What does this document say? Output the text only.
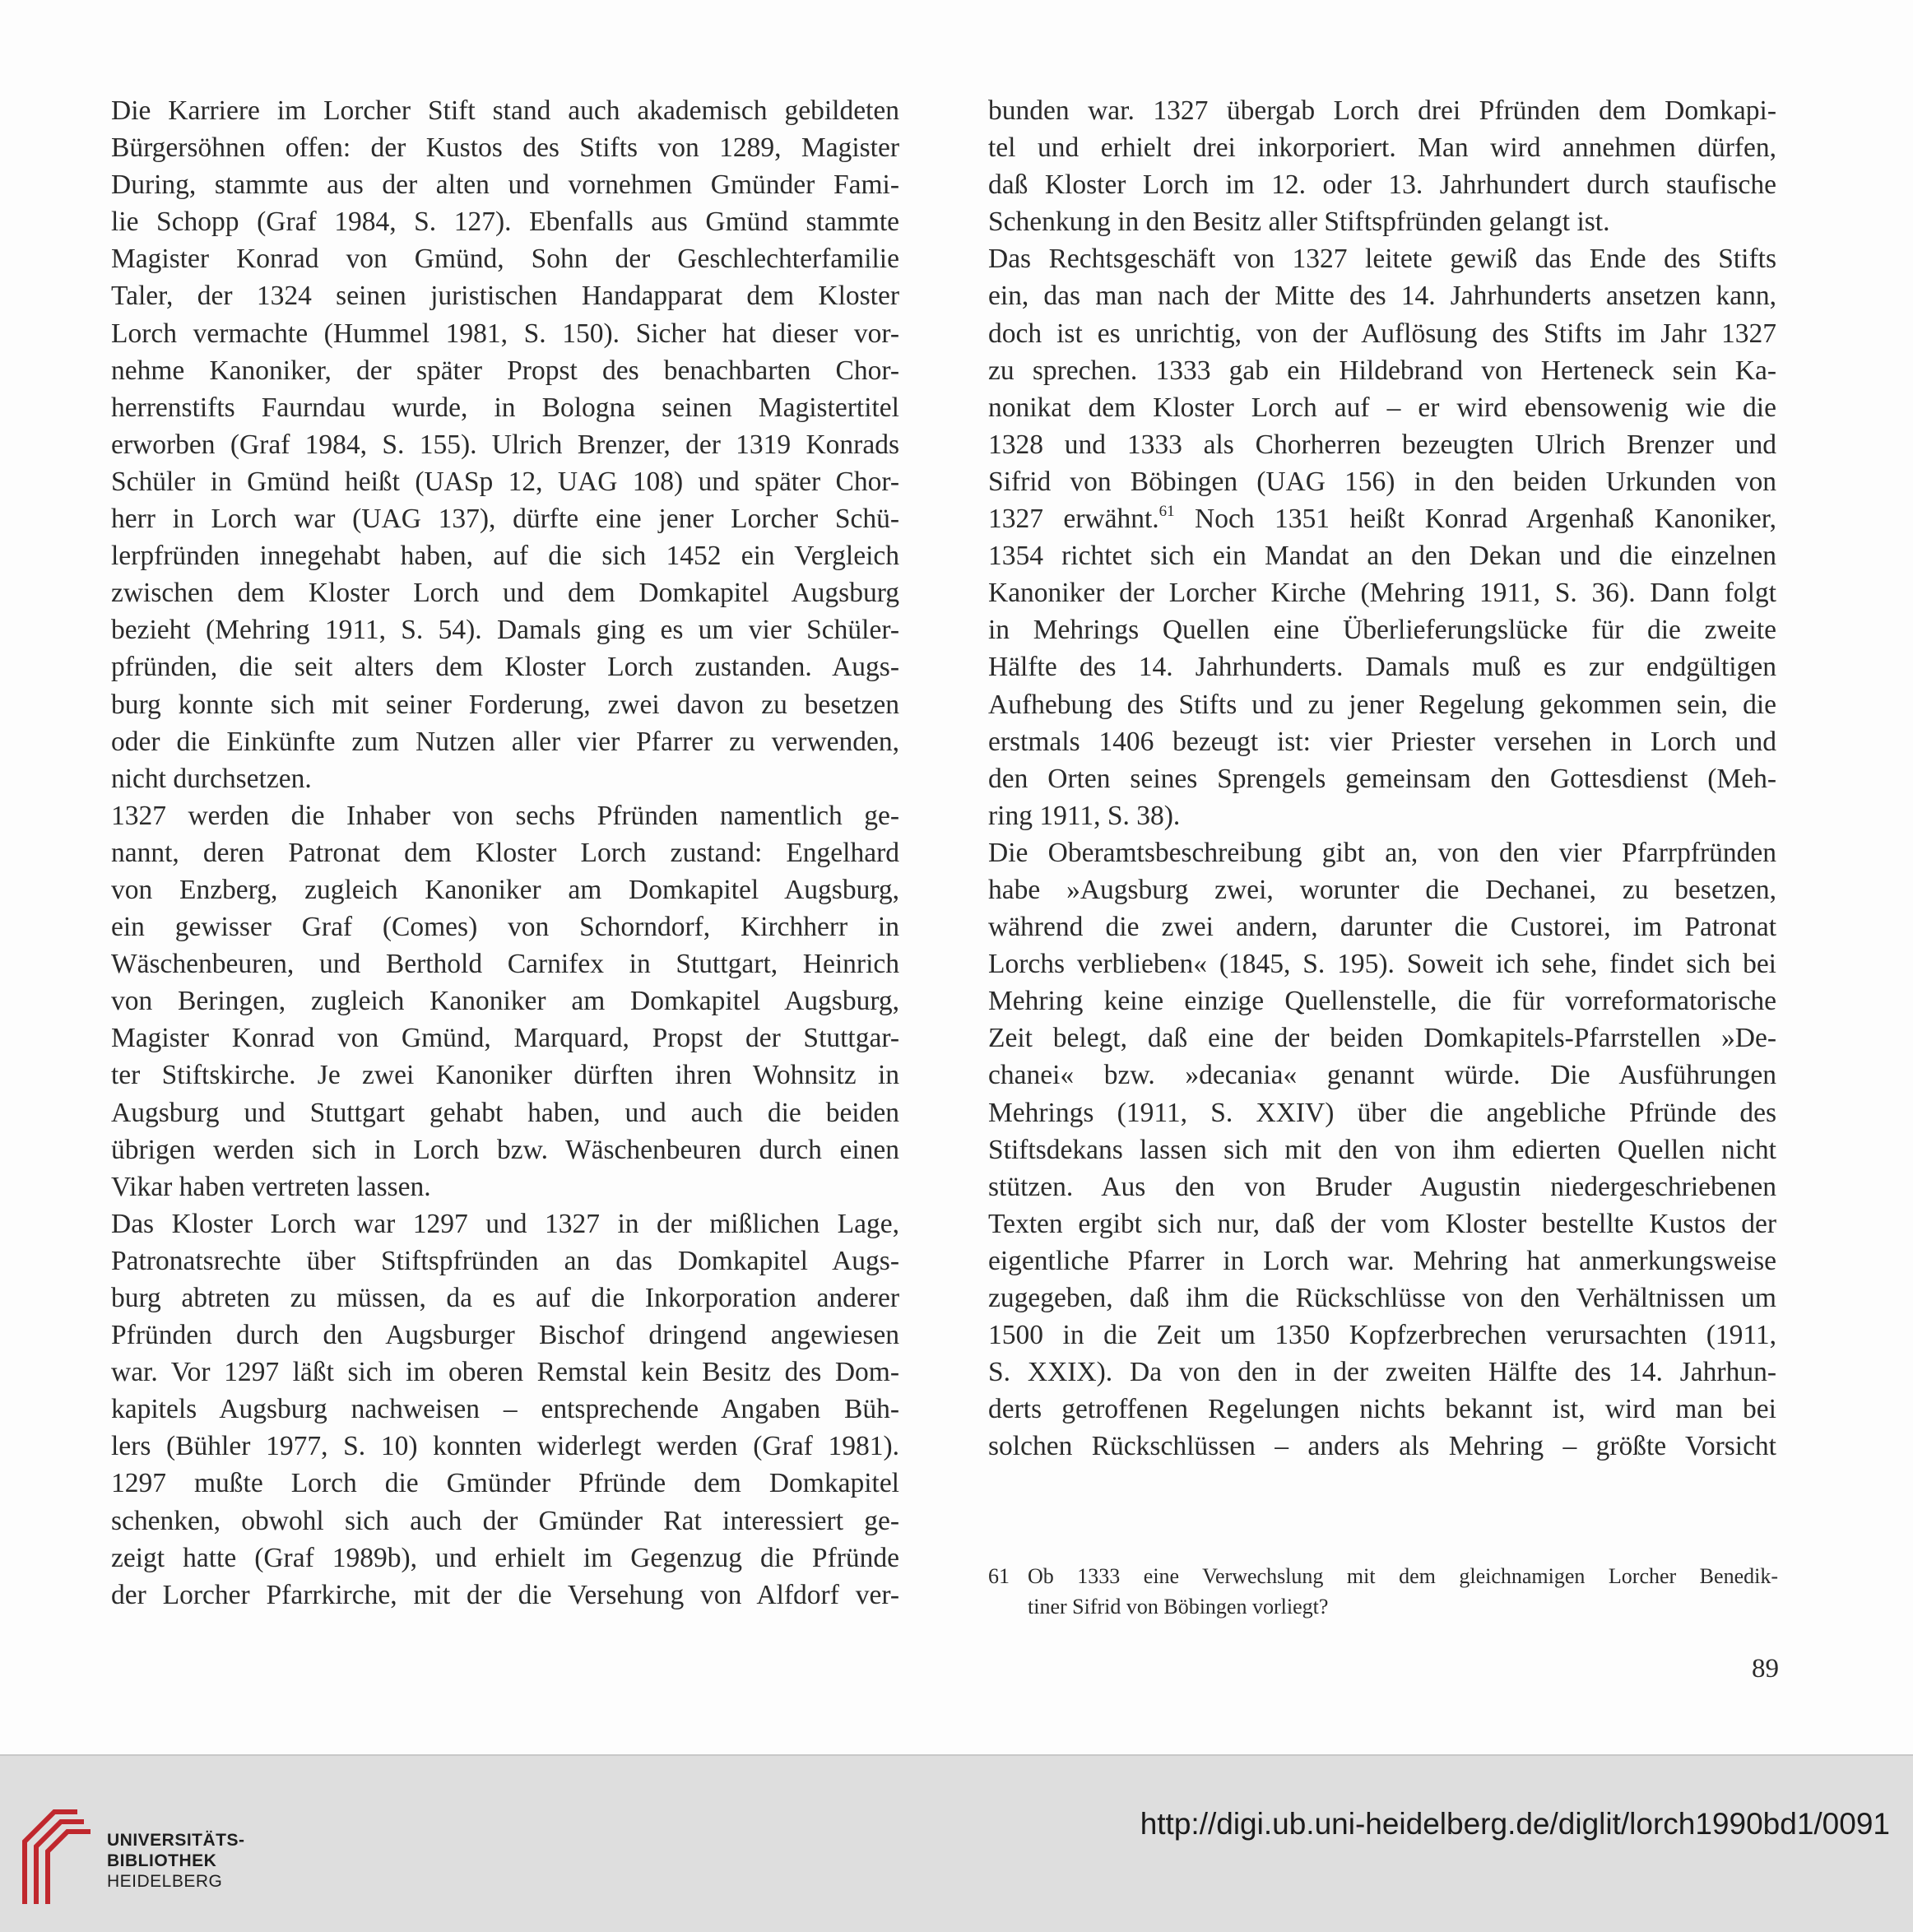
Die Karriere im Lorcher Stift stand auch akademisch gebildeten
Bürgersöhnen offen: der Kustos des Stifts von 1289, Magister
During, stammte aus der alten und vornehmen Gmünder Fami-
lie Schopp (Graf 1984, S. 127). Ebenfalls aus Gmünd stammte
Magister Konrad von Gmünd, Sohn der Geschlechterfamilie
Taler, der 1324 seinen juristischen Handapparat dem Kloster
Lorch vermachte (Hummel 1981, S. 150). Sicher hat dieser vor-
nehme Kanoniker, der später Propst des benachbarten Chor-
herrenstifts Faurndau wurde, in Bologna seinen Magistertitel
erworben (Graf 1984, S. 155). Ulrich Brenzer, der 1319 Konrads
Schüler in Gmünd heißt (UASp 12, UAG 108) und später Chor-
herr in Lorch war (UAG 137), dürfte eine jener Lorcher Schü-
lerpfründen innegehabt haben, auf die sich 1452 ein Vergleich
zwischen dem Kloster Lorch und dem Domkapitel Augsburg
bezieht (Mehring 1911, S. 54). Damals ging es um vier Schüler-
pfründen, die seit alters dem Kloster Lorch zustanden. Augs-
burg konnte sich mit seiner Forderung, zwei davon zu besetzen
oder die Einkünfte zum Nutzen aller vier Pfarrer zu verwenden,
nicht durchsetzen.
1327 werden die Inhaber von sechs Pfründen namentlich ge-
nannt, deren Patronat dem Kloster Lorch zustand: Engelhard
von Enzberg, zugleich Kanoniker am Domkapitel Augsburg,
ein gewisser Graf (Comes) von Schorndorf, Kirchherr in
Wäschenbeuren, und Berthold Carnifex in Stuttgart, Heinrich
von Beringen, zugleich Kanoniker am Domkapitel Augsburg,
Magister Konrad von Gmünd, Marquard, Propst der Stuttgar-
ter Stiftskirche. Je zwei Kanoniker dürften ihren Wohnsitz in
Augsburg und Stuttgart gehabt haben, und auch die beiden
übrigen werden sich in Lorch bzw. Wäschenbeuren durch einen
Vikar haben vertreten lassen.
Das Kloster Lorch war 1297 und 1327 in der mißlichen Lage,
Patronatsrechte über Stiftspfründen an das Domkapitel Augs-
burg abtreten zu müssen, da es auf die Inkorporation anderer
Pfründen durch den Augsburger Bischof dringend angewiesen
war. Vor 1297 läßt sich im oberen Remstal kein Besitz des Dom-
kapitels Augsburg nachweisen – entsprechende Angaben Büh-
lers (Bühler 1977, S. 10) konnten widerlegt werden (Graf 1981).
1297 mußte Lorch die Gmünder Pfründe dem Domkapitel
schenken, obwohl sich auch der Gmünder Rat interessiert ge-
zeigt hatte (Graf 1989b), und erhielt im Gegenzug die Pfründe
der Lorcher Pfarrkirche, mit der die Versehung von Alfdorf ver-
bunden war. 1327 übergab Lorch drei Pfründen dem Domkapi-
tel und erhielt drei inkorporiert. Man wird annehmen dürfen,
daß Kloster Lorch im 12. oder 13. Jahrhundert durch staufische
Schenkung in den Besitz aller Stiftspfründen gelangt ist.
Das Rechtsgeschäft von 1327 leitete gewiß das Ende des Stifts
ein, das man nach der Mitte des 14. Jahrhunderts ansetzen kann,
doch ist es unrichtig, von der Auflösung des Stifts im Jahr 1327
zu sprechen. 1333 gab ein Hildebrand von Herteneck sein Ka-
nonikat dem Kloster Lorch auf – er wird ebensowenig wie die
1328 und 1333 als Chorherren bezeugten Ulrich Brenzer und
Sifrid von Böbingen (UAG 156) in den beiden Urkunden von
1327 erwähnt.$^{61}$ Noch 1351 heißt Konrad Argenhaß Kanoniker,
1354 richtet sich ein Mandat an den Dekan und die einzelnen
Kanoniker der Lorcher Kirche (Mehring 1911, S. 36). Dann folgt
in Mehrings Quellen eine Überlieferungslücke für die zweite
Hälfte des 14. Jahrhunderts. Damals muß es zur endgültigen
Aufhebung des Stifts und zu jener Regelung gekommen sein, die
erstmals 1406 bezeugt ist: vier Priester versehen in Lorch und
den Orten seines Sprengels gemeinsam den Gottesdienst (Meh-
ring 1911, S. 38).
Die Oberamtsbeschreibung gibt an, von den vier Pfarrpfründen
habe »Augsburg zwei, worunter die Dechanei, zu besetzen,
während die zwei andern, darunter die Custorei, im Patronat
Lorchs verblieben« (1845, S. 195). Soweit ich sehe, findet sich bei
Mehring keine einzige Quellenstelle, die für vorreformatorische
Zeit belegt, daß eine der beiden Domkapitels-Pfarrstellen »De-
chanei« bzw. »decania« genannt würde. Die Ausführungen
Mehrings (1911, S. XXIV) über die angebliche Pfründe des
Stiftsdekans lassen sich mit den von ihm edierten Quellen nicht
stützen. Aus den von Bruder Augustin niedergeschriebenen
Texten ergibt sich nur, daß der vom Kloster bestellte Kustos der
eigentliche Pfarrer in Lorch war. Mehring hat anmerkungsweise
zugegeben, daß ihm die Rückschlüsse von den Verhältnissen um
1500 in die Zeit um 1350 Kopfzerbrechen verursachten (1911,
S. XXIX). Da von den in der zweiten Hälfte des 14. Jahrhun-
derts getroffenen Regelungen nichts bekannt ist, wird man bei
solchen Rückschlüssen – anders als Mehring – größte Vorsicht
61 Ob 1333 eine Verwechslung mit dem gleichnamigen Lorcher Benedik-
tiner Sifrid von Böbingen vorliegt?
89
UNIVERSITÄTS-
BIBLIOTHEK
HEIDELBERG
http://digi.ub.uni-heidelberg.de/diglit/lorch1990bd1/0091
